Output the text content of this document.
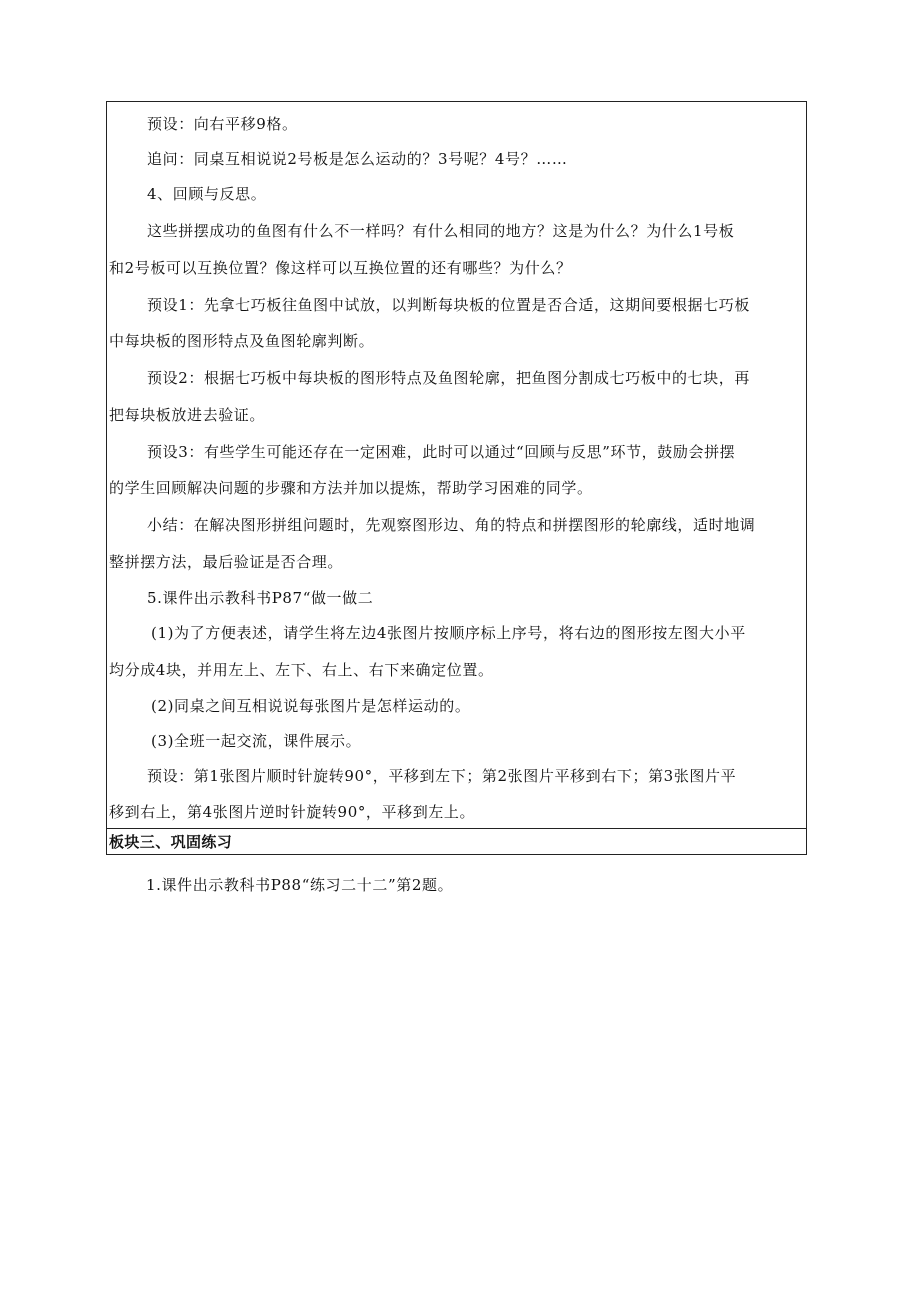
预设：向右平移9格。
追问：同桌互相说说2号板是怎么运动的？3号呢？4号？……
4、回顾与反思。
这些拼摆成功的鱼图有什么不一样吗？有什么相同的地方？这是为什么？为什么1号板
和2号板可以互换位置？像这样可以互换位置的还有哪些？为什么？
预设1：先拿七巧板往鱼图中试放，以判断每块板的位置是否合适，这期间要根据七巧板
中每块板的图形特点及鱼图轮廓判断。
预设2：根据七巧板中每块板的图形特点及鱼图轮廓，把鱼图分割成七巧板中的七块，再
把每块板放进去验证。
预设3：有些学生可能还存在一定困难，此时可以通过“回顾与反思”环节，鼓励会拼摆
的学生回顾解决问题的步骤和方法并加以提炼，帮助学习困难的同学。
小结：在解决图形拼组问题时，先观察图形边、角的特点和拼摆图形的轮廓线，适时地调
整拼摆方法，最后验证是否合理。
5.课件出示教科书P87“做一做二
(1)为了方便表述，请学生将左边4张图片按顺序标上序号，将右边的图形按左图大小平
均分成4块，并用左上、左下、右上、右下来确定位置。
(2)同桌之间互相说说每张图片是怎样运动的。
(3)全班一起交流，课件展示。
预设：第1张图片顺时针旋转90°，平移到左下；第2张图片平移到右下；第3张图片平
移到右上，第4张图片逆时针旋转90°，平移到左上。
板块三、巩固练习
1.课件出示教科书P88“练习二十二”第2题。
